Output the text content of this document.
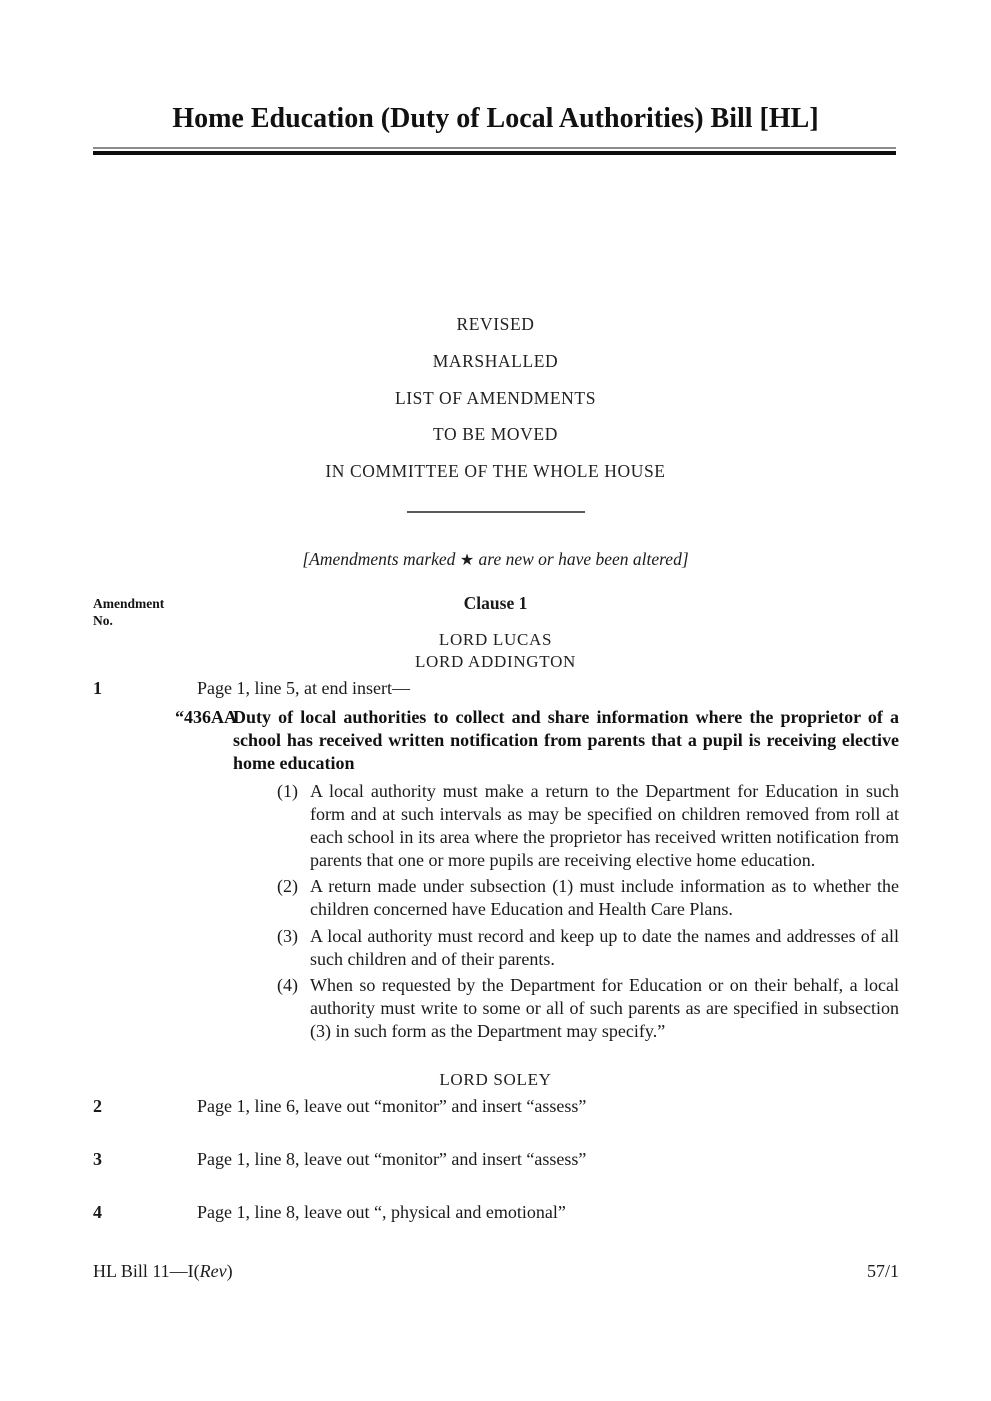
Home Education (Duty of Local Authorities) Bill [HL]
REVISED
MARSHALLED
LIST OF AMENDMENTS
TO BE MOVED
IN COMMITTEE OF THE WHOLE HOUSE
[Amendments marked ★ are new or have been altered]
Amendment
No.
Clause 1
LORD LUCAS
LORD ADDINGTON
1	Page 1, line 5, at end insert—
“436AA
Duty of local authorities to collect and share information where the proprietor of a school has received written notification from parents that a pupil is receiving elective home education
(1) A local authority must make a return to the Department for Education in such form and at such intervals as may be specified on children removed from roll at each school in its area where the proprietor has received written notification from parents that one or more pupils are receiving elective home education.
(2) A return made under subsection (1) must include information as to whether the children concerned have Education and Health Care Plans.
(3) A local authority must record and keep up to date the names and addresses of all such children and of their parents.
(4) When so requested by the Department for Education or on their behalf, a local authority must write to some or all of such parents as are specified in subsection (3) in such form as the Department may specify.”
LORD SOLEY
2	Page 1, line 6, leave out “monitor” and insert “assess”
3	Page 1, line 8, leave out “monitor” and insert “assess”
4	Page 1, line 8, leave out “, physical and emotional”
HL Bill 11—I(Rev)	57/1
